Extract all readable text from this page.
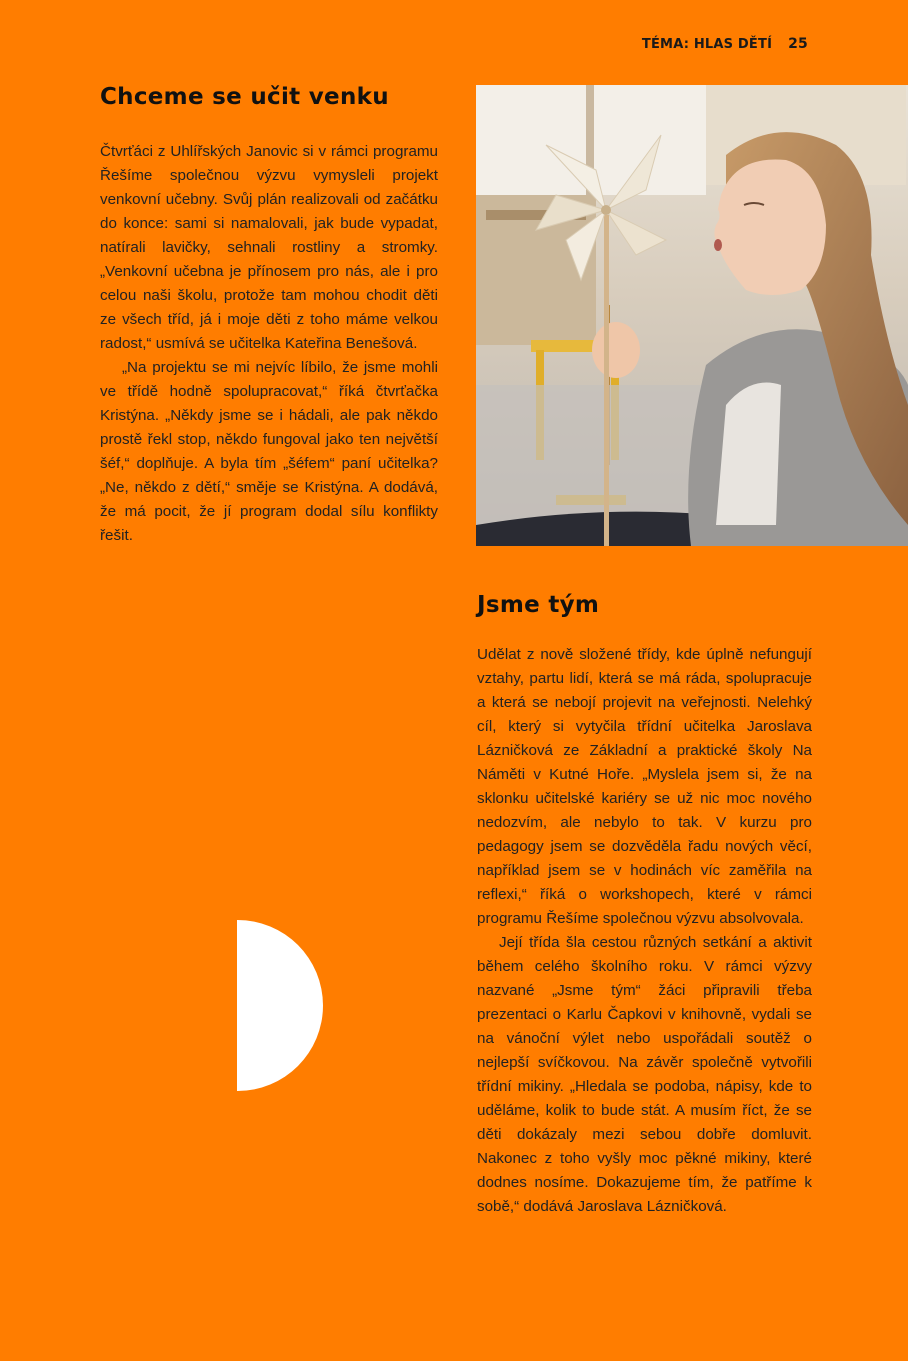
TÉMA: HLAS DĚTÍ 25
Chceme se učit venku

Čtvrťáci z Uhlířských Janovic si v rámci programu Řešíme společnou výzvu vymysleli projekt venkovní učebny. Svůj plán realizovali od začátku do konce: sami si namalovali, jak bude vypadat, natírali lavičky, sehnali rostliny a stromky. „Venkovní učebna je přínosem pro nás, ale i pro celou naši školu, protože tam mohou chodit děti ze všech tříd, já i moje děti z toho máme velkou radost,“ usmívá se učitelka Kateřina Benešová.

„Na projektu se mi nejvíc líbilo, že jsme mohli ve třídě hodně spolupracovat,“ říká čtvrťačka Kristýna. „Někdy jsme se i hádali, ale pak někdo prostě řekl stop, někdo fungoval jako ten největší šéf,“ doplňuje. A byla tím „šéfem“ paní učitelka? „Ne, někdo z dětí,“ směje se Kristýna. A dodává, že má pocit, že jí program dodal sílu konflikty řešit.

Jsme tým

Udělat z nově složené třídy, kde úplně nefungují vztahy, partu lidí, která se má ráda, spolupracuje a která se nebojí projevit na veřejnosti. Nelehký cíl, který si vytyčila třídní učitelka Jaroslava Lázničková ze Základní a praktické školy Na Náměti v Kutné Hoře. „Myslela jsem si, že na sklonku učitelské kariéry se už nic moc nového nedozvím, ale nebylo to tak. V kurzu pro pedagogy jsem se dozvěděla řadu nových věcí, například jsem se v hodinách víc zaměřila na reflexi,“ říká o workshopech, které v rámci programu Řešíme společnou výzvu absolvovala.

Její třída šla cestou různých setkání a aktivit během celého školního roku. V rámci výzvy nazvané „Jsme tým“ žáci připravili třeba prezentaci o Karlu Čapkovi v knihovně, vydali se na vánoční výlet nebo uspořádali soutěž o nejlepší svíčkovou. Na závěr společně vytvořili třídní mikiny. „Hledala se podoba, nápisy, kde to uděláme, kolik to bude stát. A musím říct, že se děti dokázaly mezi sebou dobře domluvit. Nakonec z toho vyšly moc pěkné mikiny, které dodnes nosíme. Dokazujeme tím, že patříme k sobě,“ dodává Jaroslava Lázničková.
